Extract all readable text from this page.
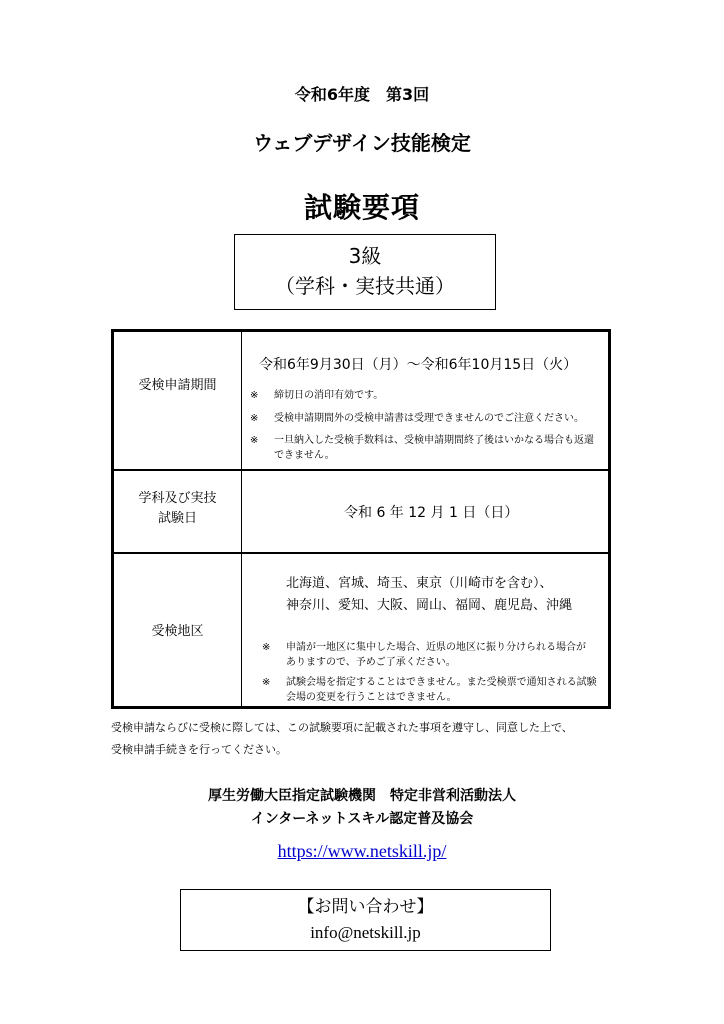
令和6年度　第3回
ウェブデザイン技能検定
試験要項
3級
（学科・実技共通）
受検申請期間
令和6年9月30日（月）～令和6年10月15日（火）
※ 締切日の消印有効です。
※ 受検申請期間外の受検申請書は受理できませんのでご注意ください。
※ 一旦納入した受検手数料は、受検申請期間終了後はいかなる場合も返還
できません。
学科及び実技
試験日	令和 6 年 12 月 1 日（日）
受検地区
北海道、宮城、埼玉、東京（川崎市を含む）、
神奈川、愛知、大阪、岡山、福岡、鹿児島、沖縄
※ 申請が一地区に集中した場合、近県の地区に振り分けられる場合が
ありますので、予めご了承ください。
※ 試験会場を指定することはできません。また受検票で通知される試験
会場の変更を行うことはできません。
受検申請ならびに受検に際しては、この試験要項に記載された事項を遵守し、同意した上で、
受検申請手続きを行ってください。
厚生労働大臣指定試験機関　特定非営利活動法人
インターネットスキル認定普及協会
https://www.netskill.jp/
【お問い合わせ】
info@netskill.jp
